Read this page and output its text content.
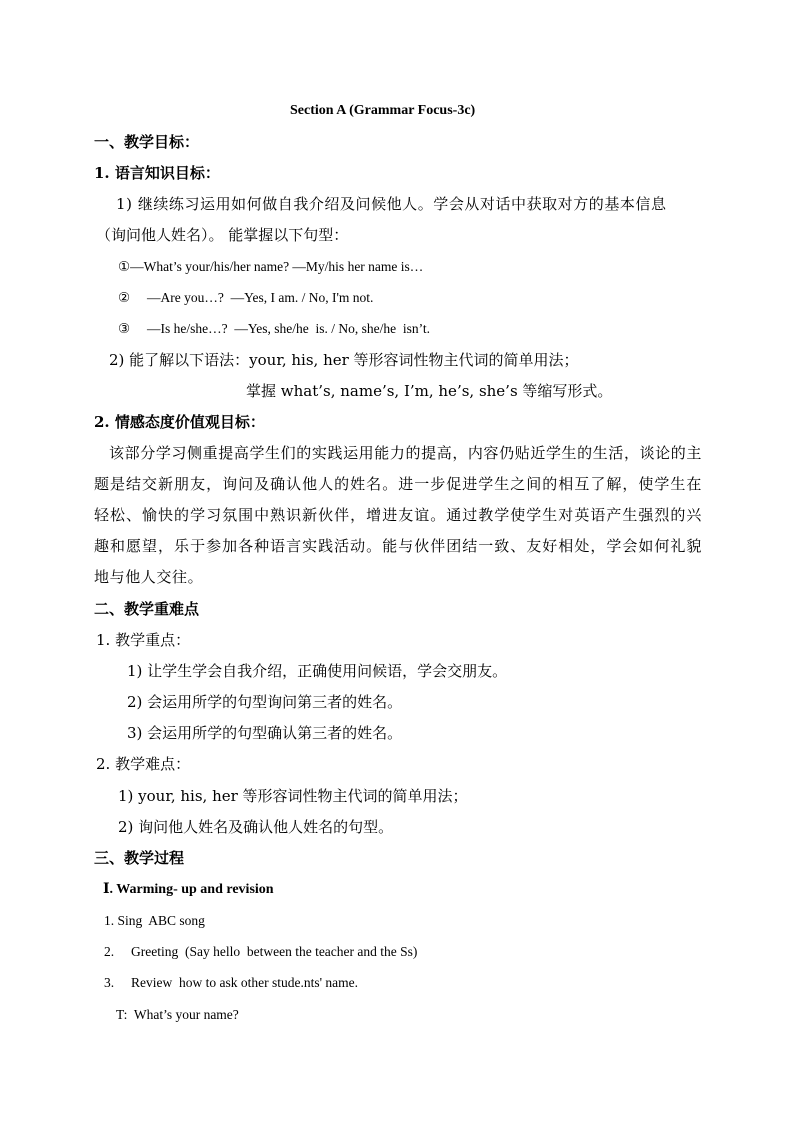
Section A (Grammar Focus-3c)
一、教学目标：
1. 语言知识目标：
1) 继续练习运用如何做自我介绍及问候他人。学会从对话中获取对方的基本信息
（询问他人姓名）。 能掌握以下句型：
①—What’s your/his/her name? —My/his her name is…
②     —Are you…?  —Yes, I am. / No, I'm not.
③     —Is he/she…?  —Yes, she/he  is. / No, she/he  isn’t.
2) 能了解以下语法：your, his, her 等形容词性物主代词的简单用法；
掌握 what’s, name’s, I’m, he’s, she’s 等缩写形式。
2. 情感态度价值观目标：
该部分学习侧重提高学生们的实践运用能力的提高，内容仍贴近学生的生活，谈论的主题是结交新朋友，询问及确认他人的姓名。进一步促进学生之间的相互了解，使学生在轻松、愉快的学习氛围中熟识新伙伴，增进友谊。通过教学使学生对英语产生强烈的兴趣和愿望，乐于参加各种语言实践活动。能与伙伴团结一致、友好相处，学会如何礼貌地与他人交往。
二、教学重难点
1. 教学重点：
1) 让学生学会自我介绍，正确使用问候语，学会交朋友。
2) 会运用所学的句型询问第三者的姓名。
3) 会运用所学的句型确认第三者的姓名。
2. 教学难点：
1) your, his, her 等形容词性物主代词的简单用法；
2) 询问他人姓名及确认他人姓名的句型。
三、教学过程
Ⅰ. Warming- up and revision
1. Sing  ABC song
2.     Greeting  (Say hello  between the teacher and the Ss)
3.     Review  how to ask other stude.nts' name.
T:  What’s your name?
